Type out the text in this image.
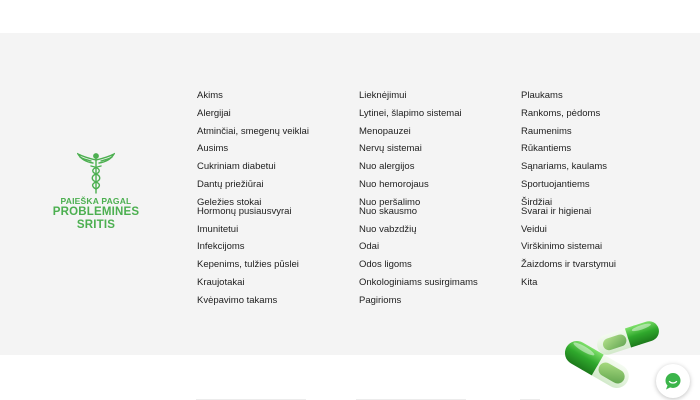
PAIEŠKA PAGAL
PROBLEMINES
SRITIS
Akims
Alergijai
Atminčiai, smegenų veiklai
Ausims
Cukriniam diabetui
Dantų priežiūrai
Geležies stokai
Hormonų pusiausvyrai
Imunitetui
Infekcijoms
Kepenims, tulžies pūslei
Kraujotakai
Kvėpavimo takams
Lieknėjimui
Lytinei, šlapimo sistemai
Menopauzei
Nervų sistemai
Nuo alergijos
Nuo hemorojaus
Nuo peršalimo
Nuo skausmo
Nuo vabzdžių
Odai
Odos ligoms
Onkologiniams susirgimams
Pagirioms
Plaukams
Rankoms, pėdoms
Raumenims
Rūkantiems
Sąnariams, kaulams
Sportuojantiems
Širdžiai
Svarai ir higienai
Veidui
Virškinimo sistemai
Žaizdoms ir tvarstymui
Kita
